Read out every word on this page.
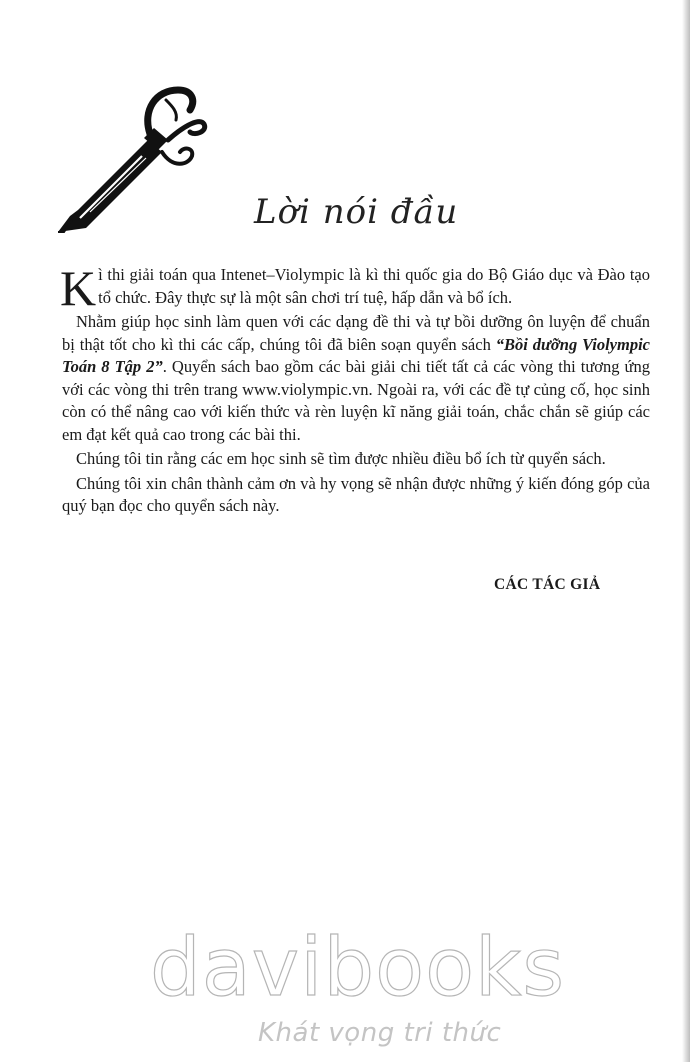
Lời nói đầu

Kì thi giải toán qua Intenet–Violympic là kì thi quốc gia do Bộ Giáo dục và Đào tạo tổ chức. Đây thực sự là một sân chơi trí tuệ, hấp dẫn và bổ ích.

Nhằm giúp học sinh làm quen với các dạng đề thi và tự bồi dưỡng ôn luyện để chuẩn bị thật tốt cho kì thi các cấp, chúng tôi đã biên soạn quyển sách “Bồi dưỡng Violympic Toán 8 Tập 2”. Quyển sách bao gồm các bài giải chi tiết tất cả các vòng thi tương ứng với các vòng thi trên trang www.violympic.vn. Ngoài ra, với các đề tự củng cố, học sinh còn có thể nâng cao với kiến thức và rèn luyện kĩ năng giải toán, chắc chắn sẽ giúp các em đạt kết quả cao trong các bài thi.

Chúng tôi tin rằng các em học sinh sẽ tìm được nhiều điều bổ ích từ quyển sách.

Chúng tôi xin chân thành cảm ơn và hy vọng sẽ nhận được những ý kiến đóng góp của quý bạn đọc cho quyển sách này.

CÁC TÁC GIẢ
davibooks
Khát vọng tri thức
